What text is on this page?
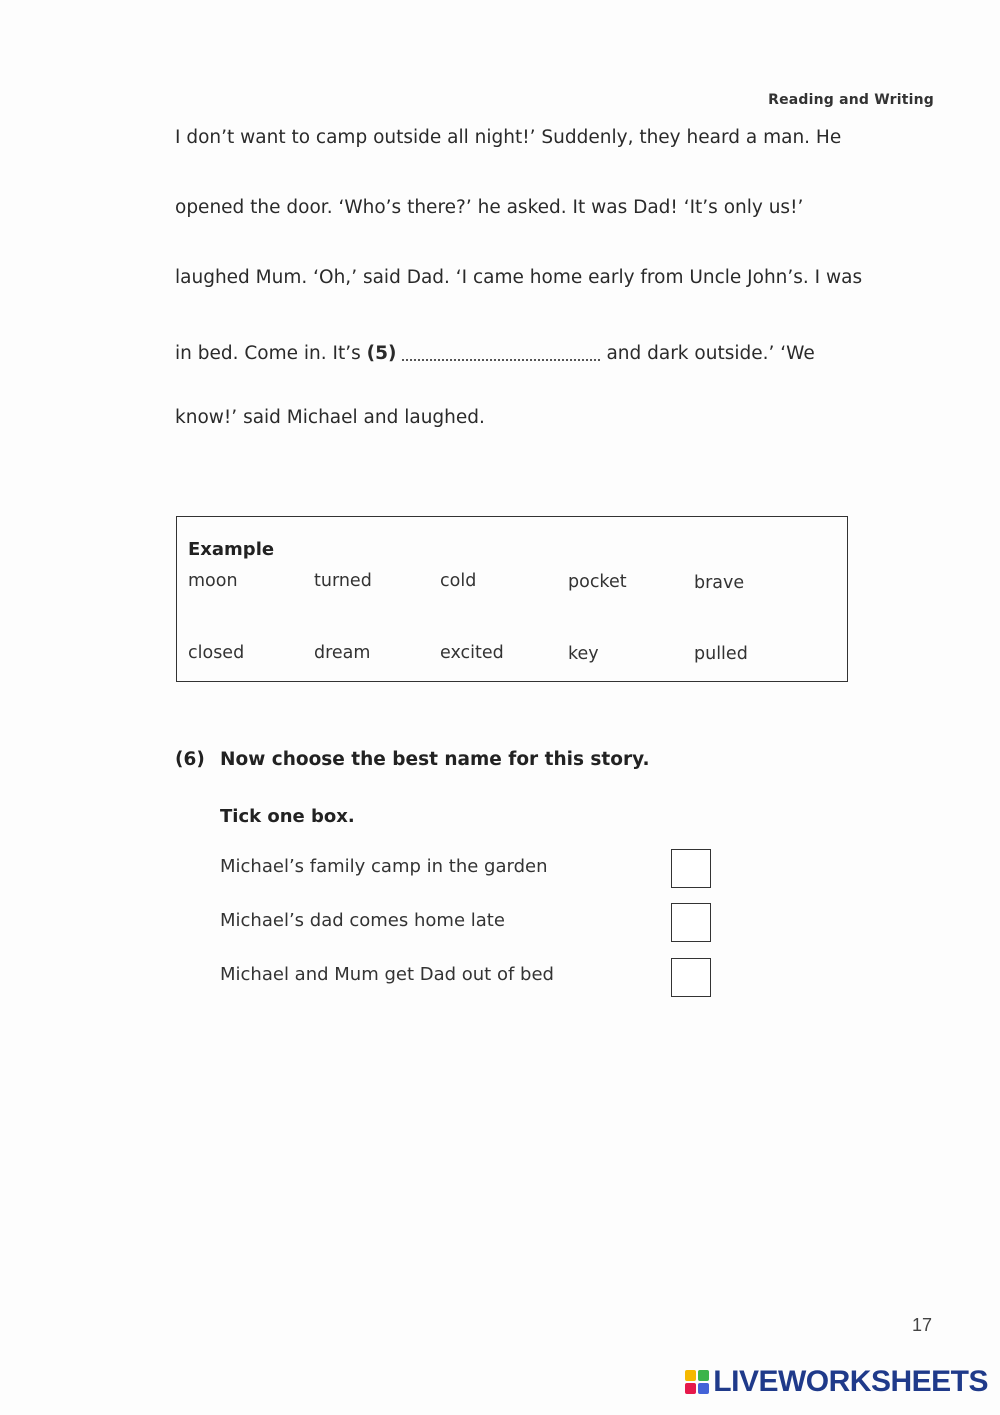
Reading and Writing
I don’t want to camp outside all night!’ Suddenly, they heard a man. He
opened the door. ‘Who’s there?’ he asked. It was Dad! ‘It’s only us!’
laughed Mum. ‘Oh,’ said Dad. ‘I came home early from Uncle John’s. I was
in bed. Come in. It’s (5)	and dark outside.’ ‘We
know!’ said Michael and laughed.
Example
moon	turned	cold	pocket	brave
closed	dream	excited	key	pulled
(6) Now choose the best name for this story.
Tick one box.
Michael’s family camp in the garden
Michael’s dad comes home late
Michael and Mum get Dad out of bed
17
LIVEWORKSHEETS
